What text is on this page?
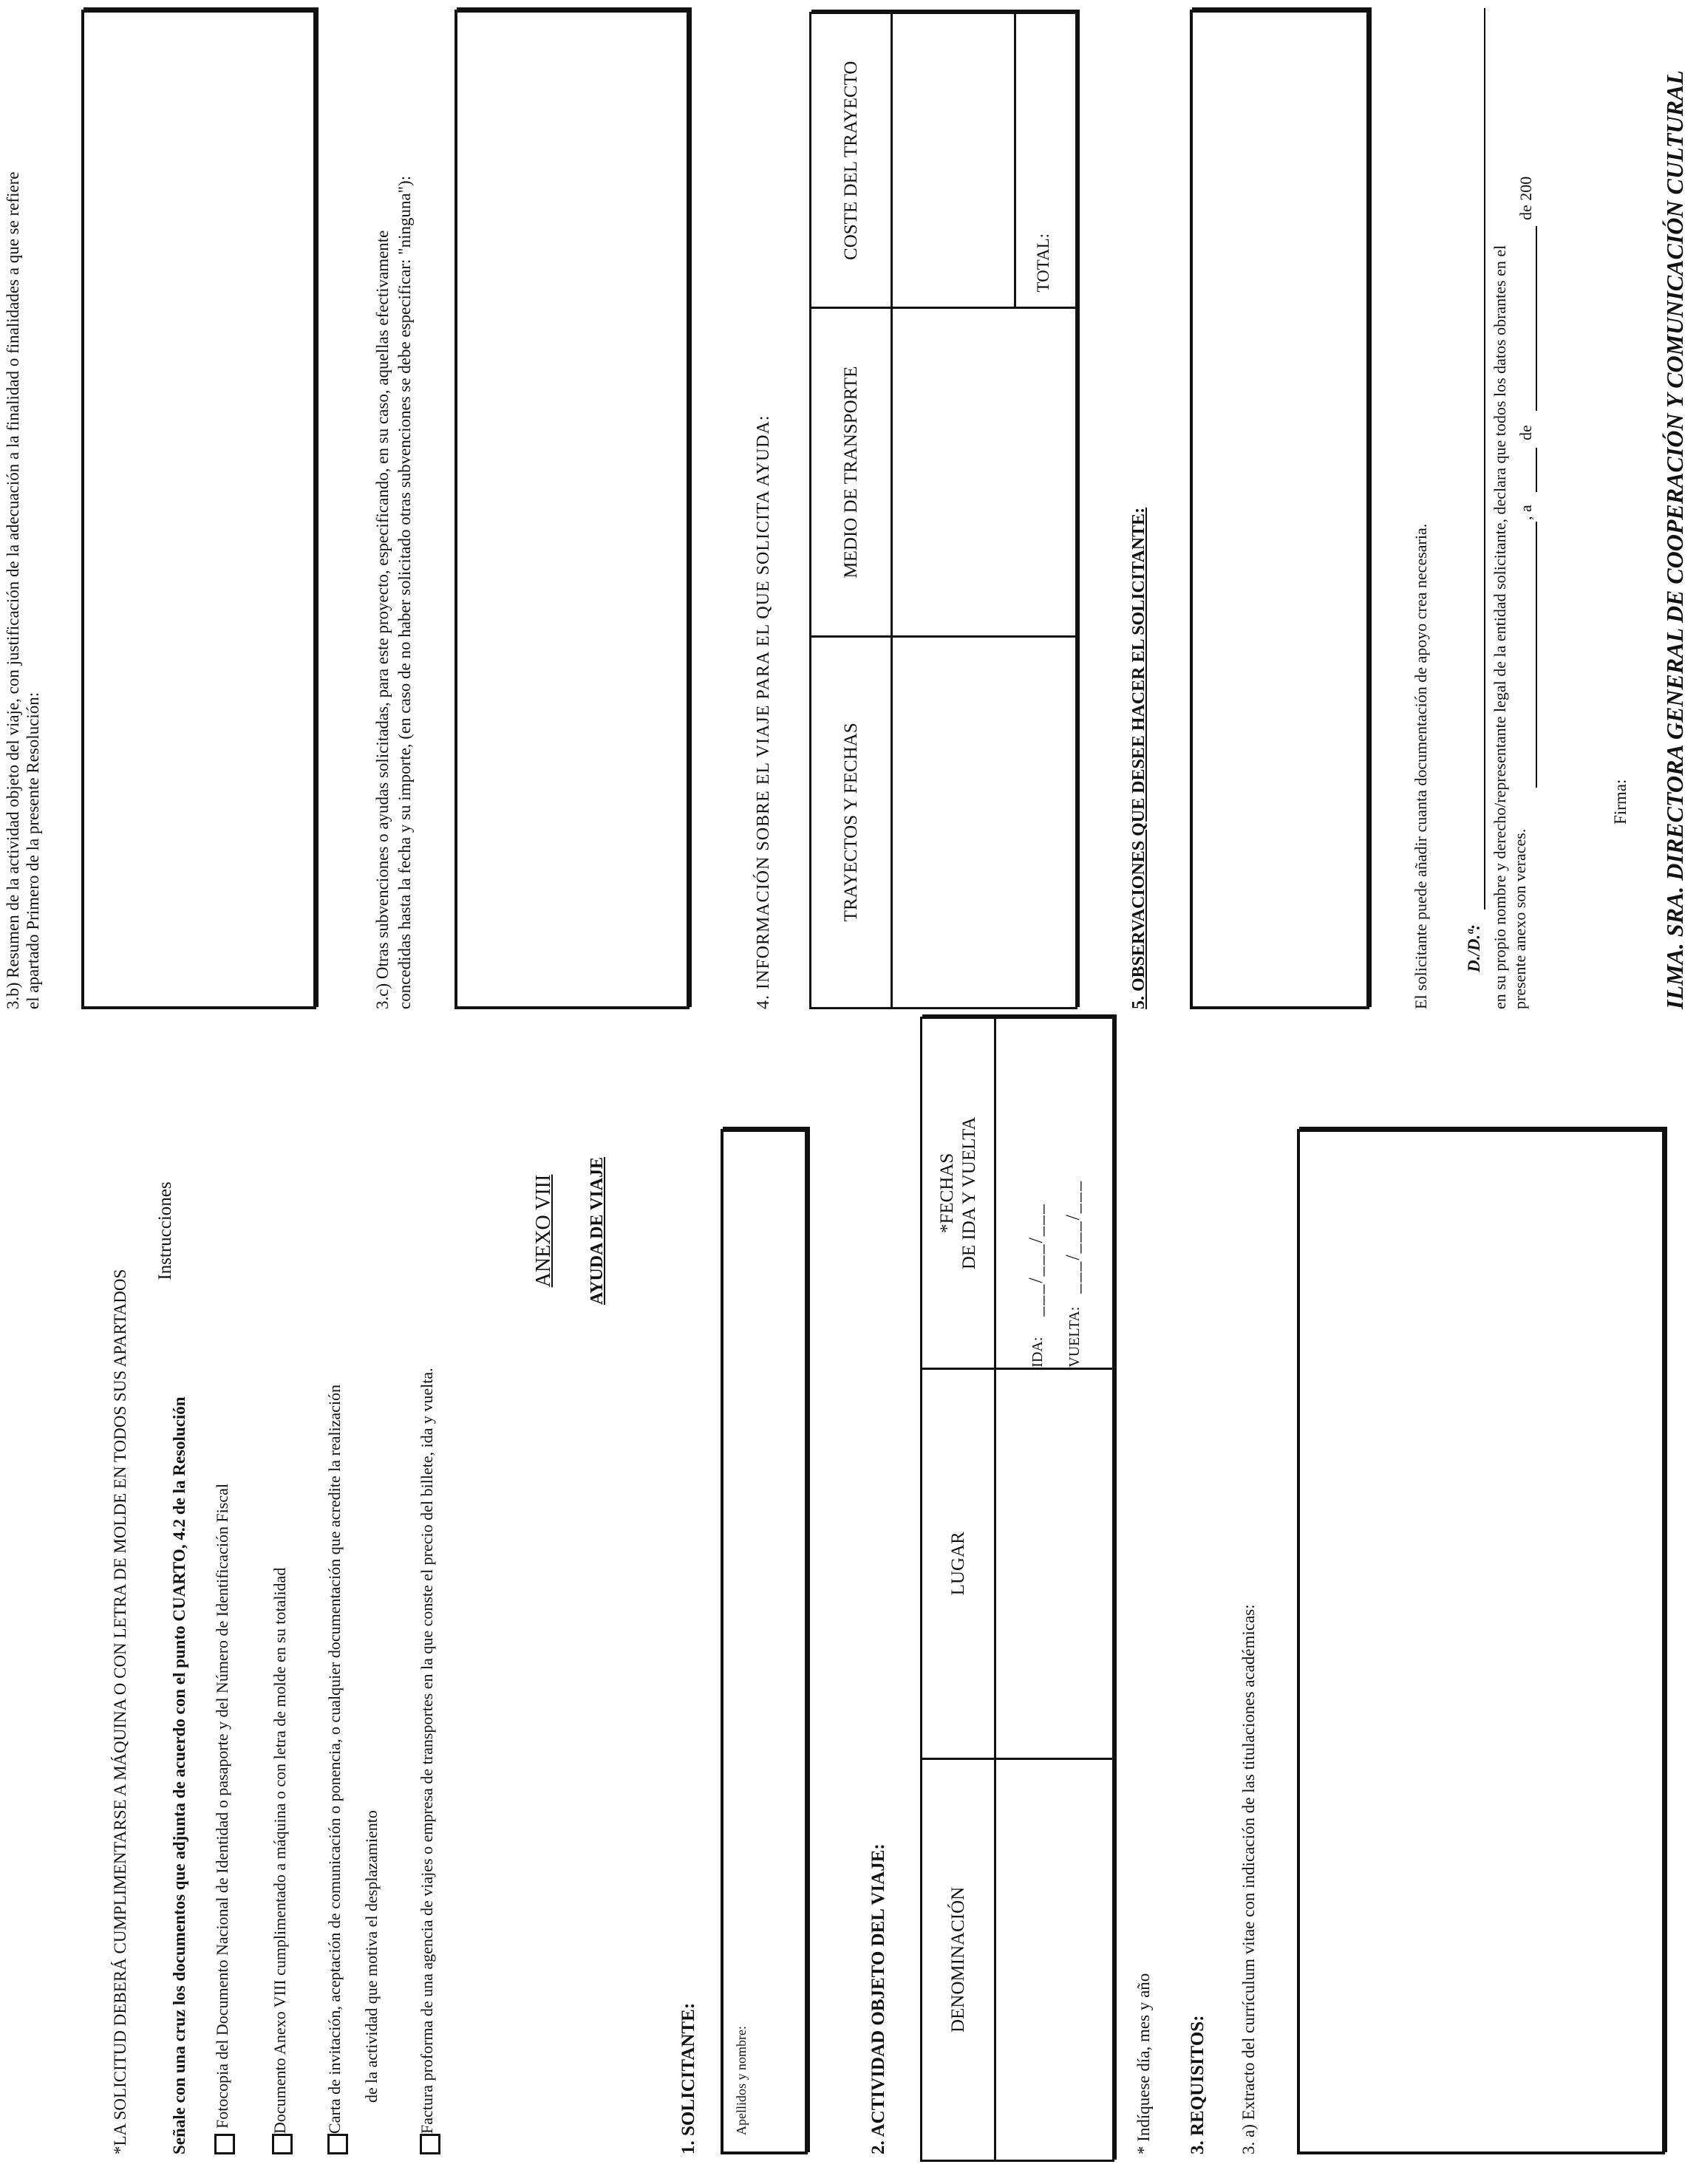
Instrucciones
*LA SOLICITUD DEBERÁ CUMPLIMENTARSE A MÁQUINA O CON LETRA DE MOLDE EN TODOS SUS APARTADOS Señale con una cruz los documentos que adjunta de acuerdo con el punto CUARTO, 4.2 de la Resolución Fotocopia del Documento Nacional de Identidad o pasaporte y del Número de Identificación Fiscal Documento Anexo VIII cumplimentado a máquina o con letra de molde en su totalidad Carta de invitación, aceptación de comunicación o ponencia, o cualquier documentación que acredite la realización de la actividad que motiva el desplazamiento Factura proforma de una agencia de viajes o empresa de transportes en la que conste el precio del billete, ida y vuelta.
ANEXO VIII AYUDA DE VIAJE
1. SOLICITANTE:	Apellidos y nombre:	2. ACTIVIDAD OBJETO DEL VIAJE:	DENOMINACIÓN	LUGAR	*FECHAS DE IDA Y VUELTA

		IDA: ___/___/___
VUELTA: ___/___/___
* Indíquese día, mes y año 3. REQUISITOS: 3. a) Extracto del currículum vitae con indicación de las titulaciones académicas:
3.b) Resumen de la actividad objeto del viaje, con justificación de la adecuación a la finalidad o finalidades a que se refiere el apartado Primero de la presente Resolución:	3.c) Otras subvenciones o ayudas solicitadas, para este proyecto, especificando, en su caso, aquellas efectivamente concedidas hasta la fecha y su importe, (en caso de no haber solicitado otras subvenciones se debe especificar: "ninguna"):	4. INFORMACIÓN SOBRE EL VIAJE PARA EL QUE SOLICITA AYUDA:	TRAYECTOS Y FECHAS	MEDIO DE TRANSPORTE	COSTE DEL TRAYECTO

		TOTAL:
5. OBSERVACIONES QUE DESEE HACER EL SOLICITANTE:	El solicitante puede añadir cuanta documentación de apoyo crea necesaria. D./D.ª: en su propio nombre y derecho/representante legal de la entidad solicitante, declara que todos los datos obrantes en el presente anexo son veraces.
, a
de
de 200
Firma: ILMA. SRA. DIRECTORA GENERAL DE COOPERACIÓN Y COMUNICACIÓN CULTURAL
